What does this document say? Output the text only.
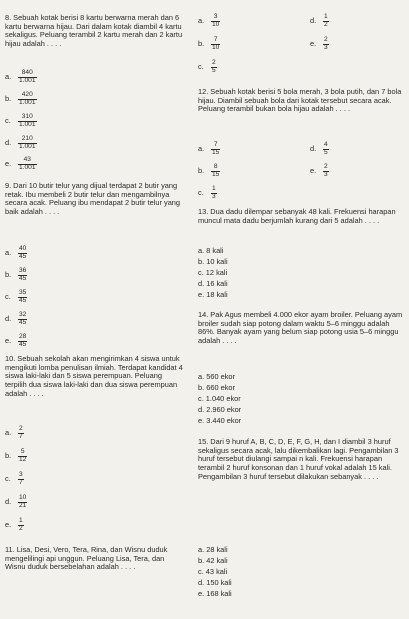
8. Sebuah kotak berisi 8 kartu berwarna merah dan 6 kartu berwarna hijau. Dari dalam kotak diambil 4 kartu sekaligus. Peluang terambil 2 kartu merah dan 2 kartu hijau adalah . . . .
a. $\frac{840}{1.001}$
b. $\frac{420}{1.001}$
c. $\frac{310}{1.001}$
d. $\frac{210}{1.001}$
e. $\frac{43}{1.001}$
a. $\frac{3}{10}$
b. $\frac{7}{10}$
c. $\frac{2}{5}$
d. $\frac{1}{2}$
e. $\frac{2}{3}$
9. Dari 10 butir telur yang dijual terdapat 2 butir yang retak. Ibu membeli 2 butir telur dan mengambilnya secara acak. Peluang ibu mendapat 2 butir telur yang baik adalah . . . .
a. $\frac{40}{45}$
b. $\frac{36}{45}$
c. $\frac{35}{45}$
d. $\frac{32}{45}$
e. $\frac{28}{45}$
10. Sebuah sekolah akan mengirimkan 4 siswa untuk mengikuti lomba penulisan ilmiah. Terdapat kandidat 4 siswa laki-laki dan 5 siswa perempuan. Peluang terpilih dua siswa laki-laki dan dua siswa perempuan adalah . . . .
a. $\frac{2}{7}$
b. $\frac{5}{12}$
c. $\frac{3}{7}$
d. $\frac{10}{21}$
e. $\frac{1}{2}$
11. Lisa, Desi, Vero, Tera, Rina, dan Wisnu duduk mengelilingi api unggun. Peluang Lisa, Tera, dan Wisnu duduk bersebelahan adalah . . . .
12. Sebuah kotak berisi 5 bola merah, 3 bola putih, dan 7 bola hijau. Diambil sebuah bola dari kotak tersebut secara acak. Peluang terambil bukan bola hijau adalah . . . .
a. $\frac{7}{15}$
b. $\frac{8}{15}$
c. $\frac{1}{3}$
d. $\frac{4}{5}$
e. $\frac{2}{3}$
13. Dua dadu dilempar sebanyak 48 kali. Frekuensi harapan muncul mata dadu berjumlah kurang dari 5 adalah . . . .
a. 8 kali
b. 10 kali
c. 12 kali
d. 16 kali
e. 18 kali
14. Pak Agus membeli 4.000 ekor ayam broiler. Peluang ayam broiler sudah siap potong dalam waktu 5–6 minggu adalah 86%. Banyak ayam yang belum siap potong usia 5–6 minggu adalah . . . .
a. 560 ekor
b. 660 ekor
c. 1.040 ekor
d. 2.960 ekor
e. 3.440 ekor
15. Dari 9 huruf A, B, C, D, E, F, G, H, dan I diambil 3 huruf sekaligus secara acak, lalu dikembalikan lagi. Pengambilan 3 huruf tersebut diulangi sampai n kali. Frekuensi harapan terambil 2 huruf konsonan dan 1 huruf vokal adalah 15 kali. Pengambilan 3 huruf tersebut dilakukan sebanyak . . . .
a. 28 kali
b. 42 kali
c. 43 kali
d. 150 kali
e. 168 kali
